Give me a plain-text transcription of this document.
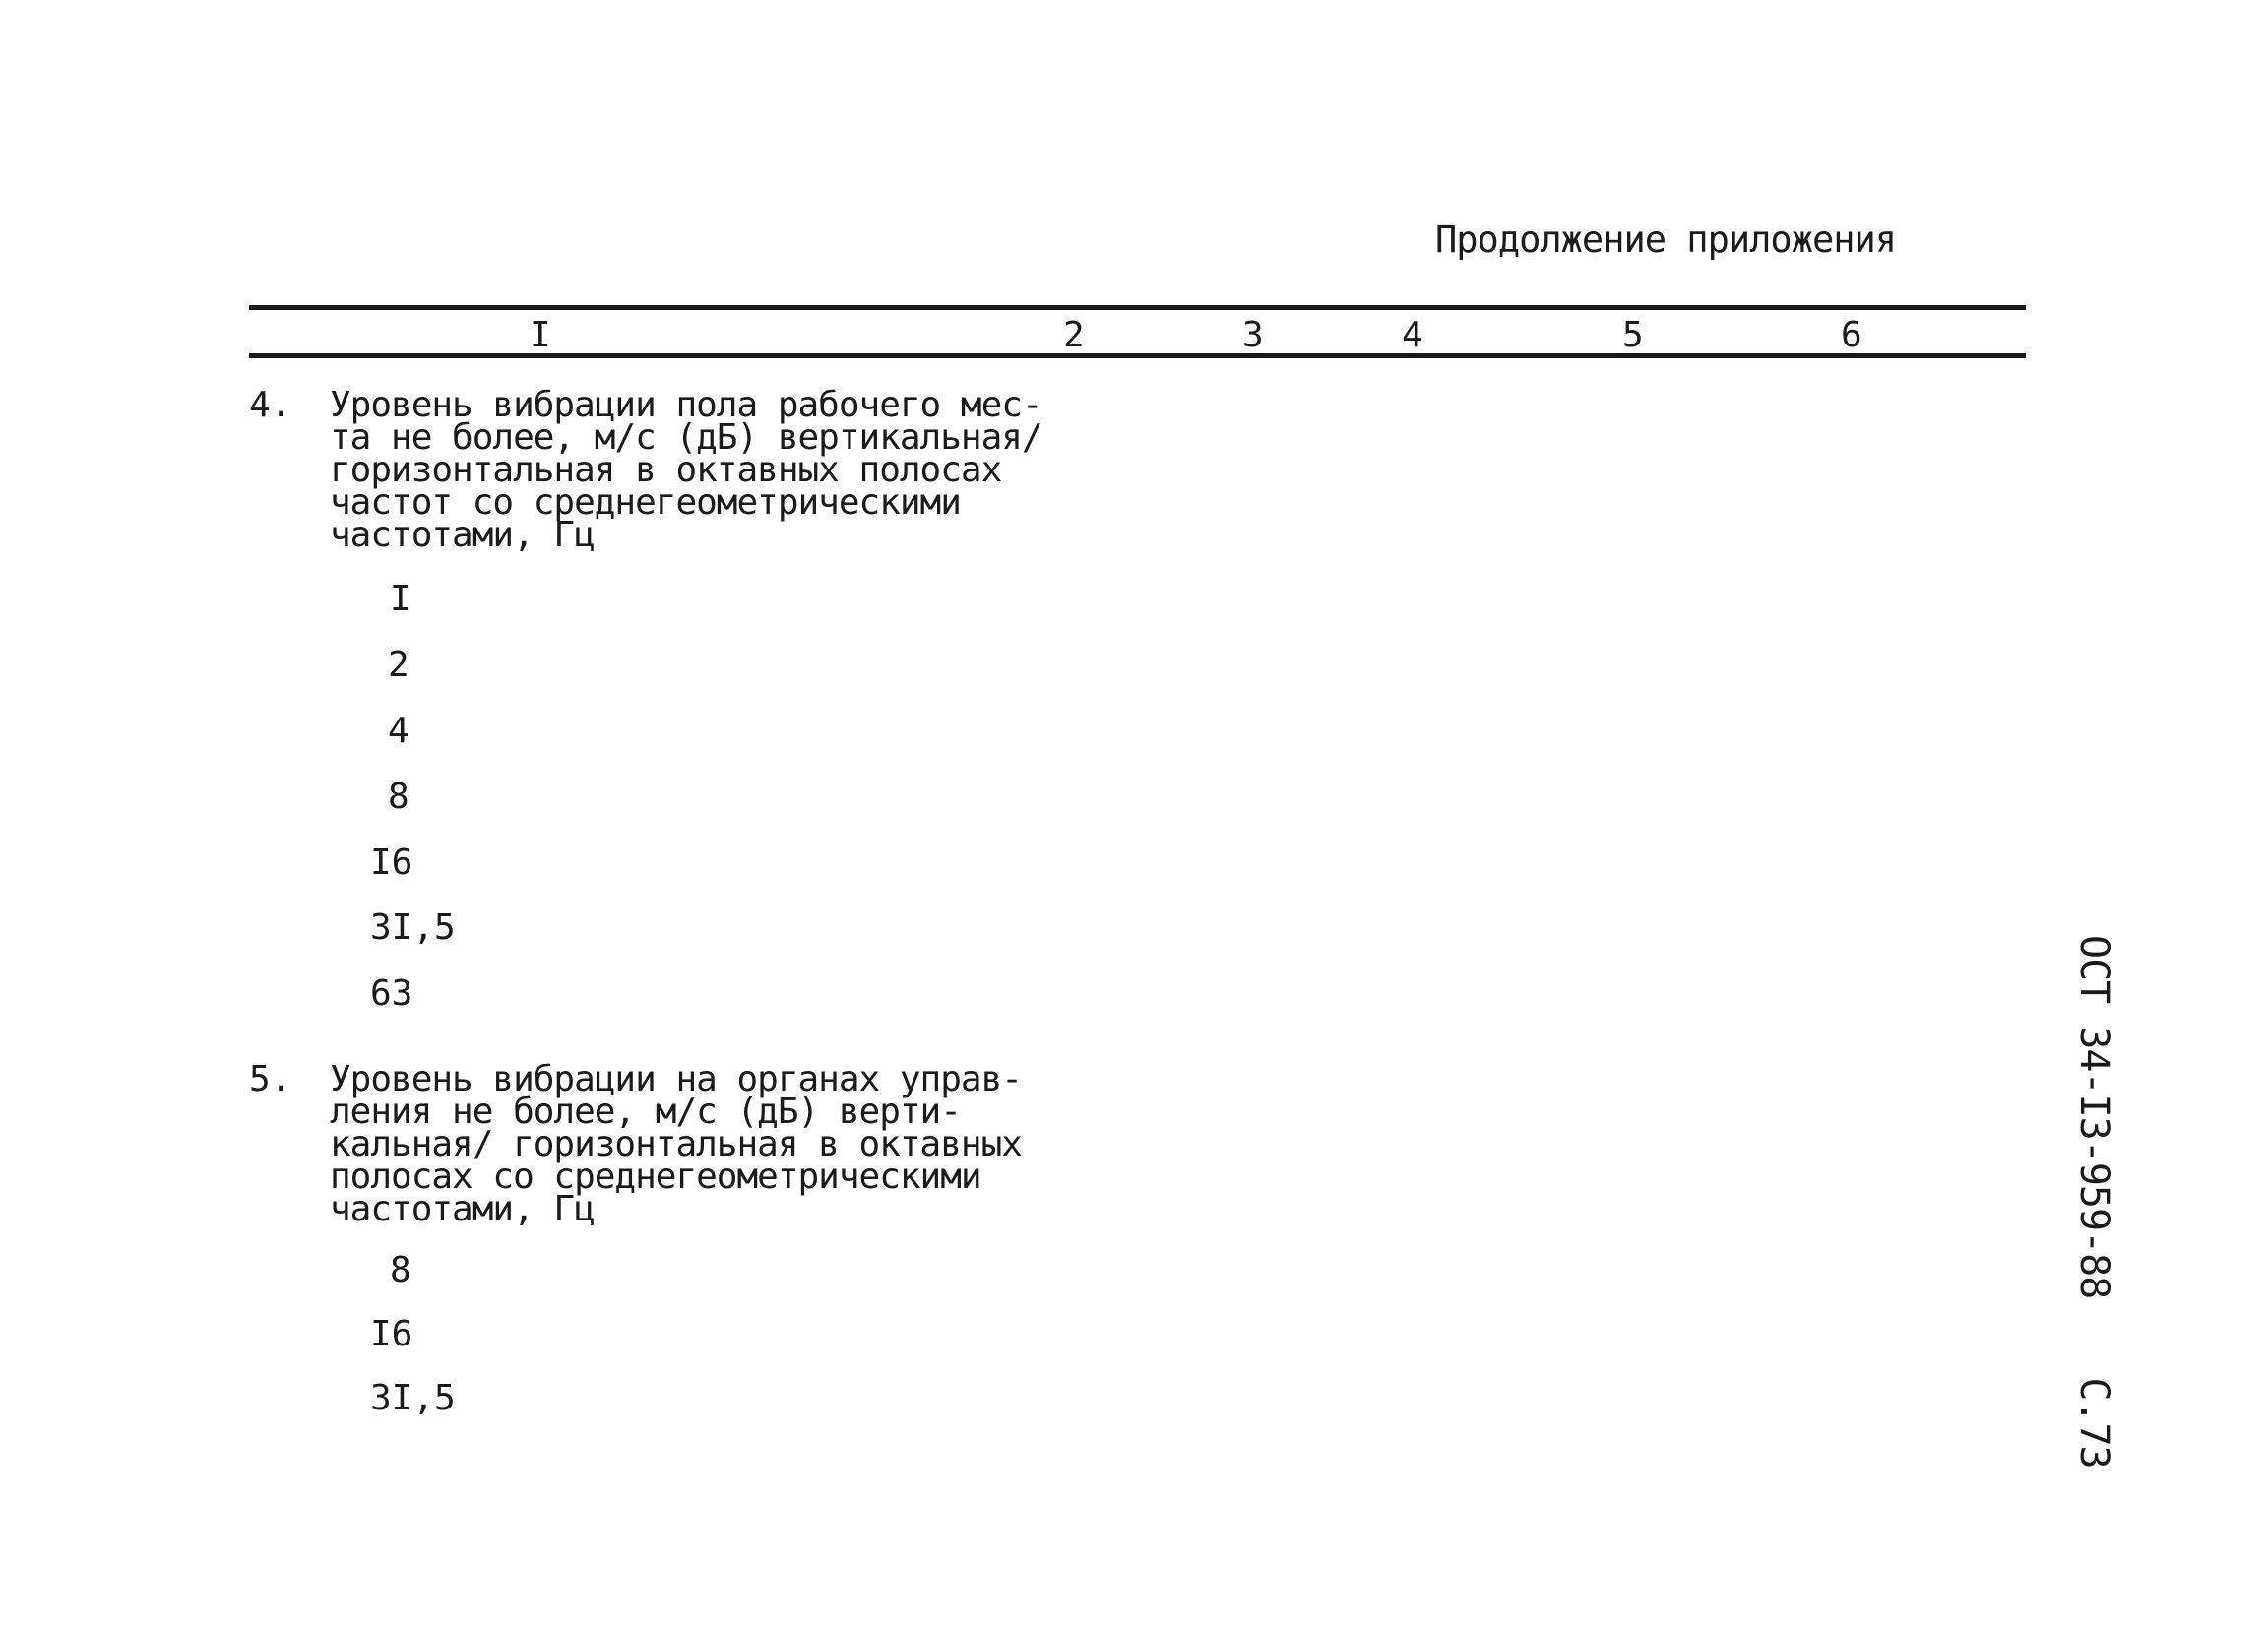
Продолжение приложения
I	2	3	4	5	6
4. Уровень вибрации пола рабочего мес-
та не более, м/с (дБ) вертикальная/
горизонтальная в октавных полосах
частот со среднегеометрическими
частотами, Гц
I
2
4
8
I6
3I,5
63
5. Уровень вибрации на органах управ-
ления не более, м/с (дБ) верти-
кальная/ горизонтальная в октавных
полосах со среднегеометрическими
частотами, Гц
8
I6
3I,5
ОСТ 34-I3-959-88С.73
